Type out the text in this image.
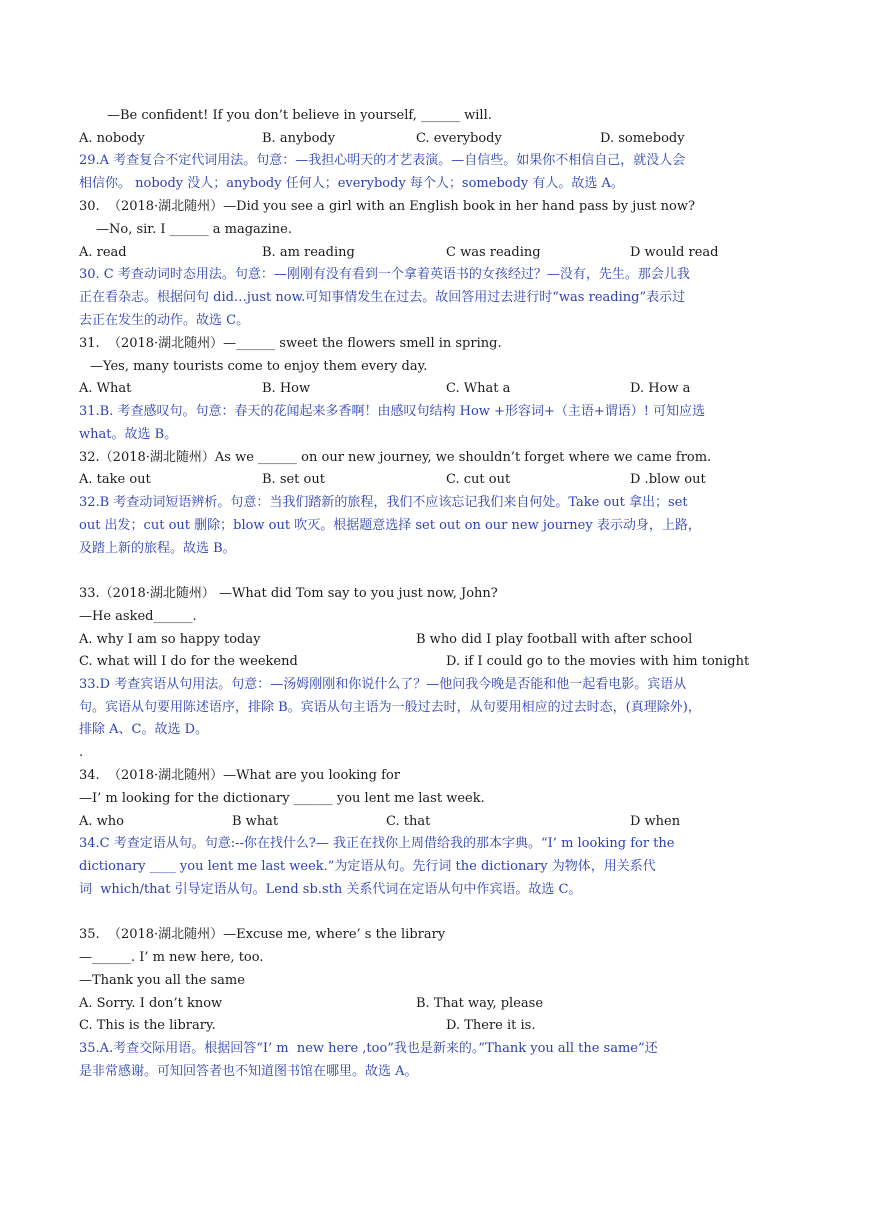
—Be confident! If you don’t believe in yourself, ______ will.
A. nobody	B. anybody	C. everybody	D. somebody
29.A 考查复合不定代词用法。句意：—我担心明天的才艺表演。—自信些。如果你不相信自己，就没人会
相信你。 nobody 没人；anybody 任何人；everybody 每个人；somebody 有人。故选 A。
30.  （2018·湖北随州）—Did you see a girl with an English book in her hand pass by just now?
—No, sir. I ______ a magazine.
A. read	B. am reading	C was reading	D would read
30. C 考查动词时态用法。句意：—刚刚有没有看到一个拿着英语书的女孩经过？—没有，先生。那会儿我
正在看杂志。根据问句 did…just now.可知事情发生在过去。故回答用过去进行时“was reading”表示过
去正在发生的动作。故选 C。
31.  （2018·湖北随州）—______ sweet the flowers smell in spring.
—Yes, many tourists come to enjoy them every day.
A. What	B. How	C. What a	D. How a
31.B. 考查感叹句。句意：春天的花闻起来多香啊！由感叹句结构 How +形容词+（主语+谓语）! 可知应选
what。故选 B。
32.（2018·湖北随州）As we ______ on our new journey, we shouldn’t forget where we came from.
A. take out	B. set out	C. cut out	D .blow out
32.B 考查动词短语辨析。句意：当我们踏新的旅程，我们不应该忘记我们来自何处。Take out 拿出；set
out 出发；cut out 删除；blow out 吹灭。根据题意选择 set out on our new journey 表示动身，上路，
及踏上新的旅程。故选 B。
33.（2018·湖北随州） —What did Tom say to you just now, John?
—He asked______.
A. why I am so happy today	B who did I play football with after school
C. what will I do for the weekend	D. if I could go to the movies with him tonight
33.D 考查宾语从句用法。句意：—汤姆刚刚和你说什么了？—他问我今晚是否能和他一起看电影。宾语从
句。宾语从句要用陈述语序，排除 B。宾语从句主语为一般过去时，从句要用相应的过去时态，(真理除外)，
排除 A、C。故选 D。
.
34.  （2018·湖北随州）—What are you looking for
—I’ m looking for the dictionary ______ you lent me last week.
A. who	B what	C. that	D when
34.C 考查定语从句。句意:--你在找什么?— 我正在找你上周借给我的那本字典。“I’ m looking for the
dictionary ____ you lent me last week.”为定语从句。先行词 the dictionary 为物体，用关系代
词  which/that 引导定语从句。Lend sb.sth 关系代词在定语从句中作宾语。故选 C。
35.  （2018·湖北随州）—Excuse me, where’ s the library
—______. I’ m new here, too.
—Thank you all the same
A. Sorry. I don’t know	B. That way, please
C. This is the library.	D. There it is.
35.A.考查交际用语。根据回答“I’ m  new here ,too”我也是新来的。”Thank you all the same”还
是非常感谢。可知回答者也不知道图书馆在哪里。故选 A。
